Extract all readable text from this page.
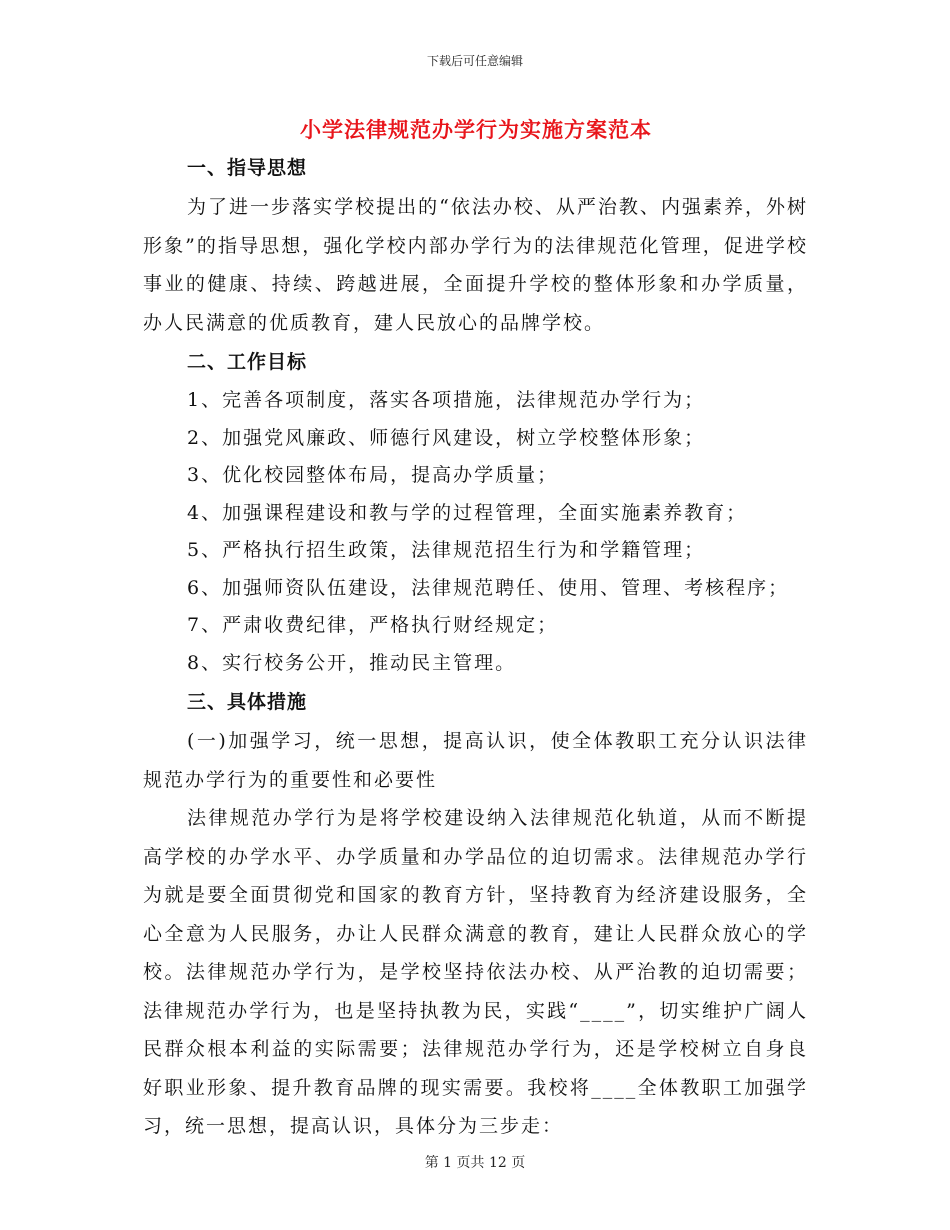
下载后可任意编辑
小学法律规范办学行为实施方案范本
一、指导思想
为了进一步落实学校提出的“依法办校、从严治教、内强素养，外树形象”的指导思想，强化学校内部办学行为的法律规范化管理，促进学校事业的健康、持续、跨越进展，全面提升学校的整体形象和办学质量，办人民满意的优质教育，建人民放心的品牌学校。
二、工作目标
1、完善各项制度，落实各项措施，法律规范办学行为；
2、加强党风廉政、师德行风建设，树立学校整体形象；
3、优化校园整体布局，提高办学质量；
4、加强课程建设和教与学的过程管理，全面实施素养教育；
5、严格执行招生政策，法律规范招生行为和学籍管理；
6、加强师资队伍建设，法律规范聘任、使用、管理、考核程序；
7、严肃收费纪律，严格执行财经规定；
8、实行校务公开，推动民主管理。
三、具体措施
(一)加强学习，统一思想，提高认识，使全体教职工充分认识法律规范办学行为的重要性和必要性
法律规范办学行为是将学校建设纳入法律规范化轨道，从而不断提高学校的办学水平、办学质量和办学品位的迫切需求。法律规范办学行为就是要全面贯彻党和国家的教育方针，坚持教育为经济建设服务，全心全意为人民服务，办让人民群众满意的教育，建让人民群众放心的学校。法律规范办学行为，是学校坚持依法办校、从严治教的迫切需要；法律规范办学行为，也是坚持执教为民，实践“____”，切实维护广阔人民群众根本利益的实际需要；法律规范办学行为，还是学校树立自身良好职业形象、提升教育品牌的现实需要。我校将____全体教职工加强学习，统一思想，提高认识，具体分为三步走：
第 1 页共 12 页
